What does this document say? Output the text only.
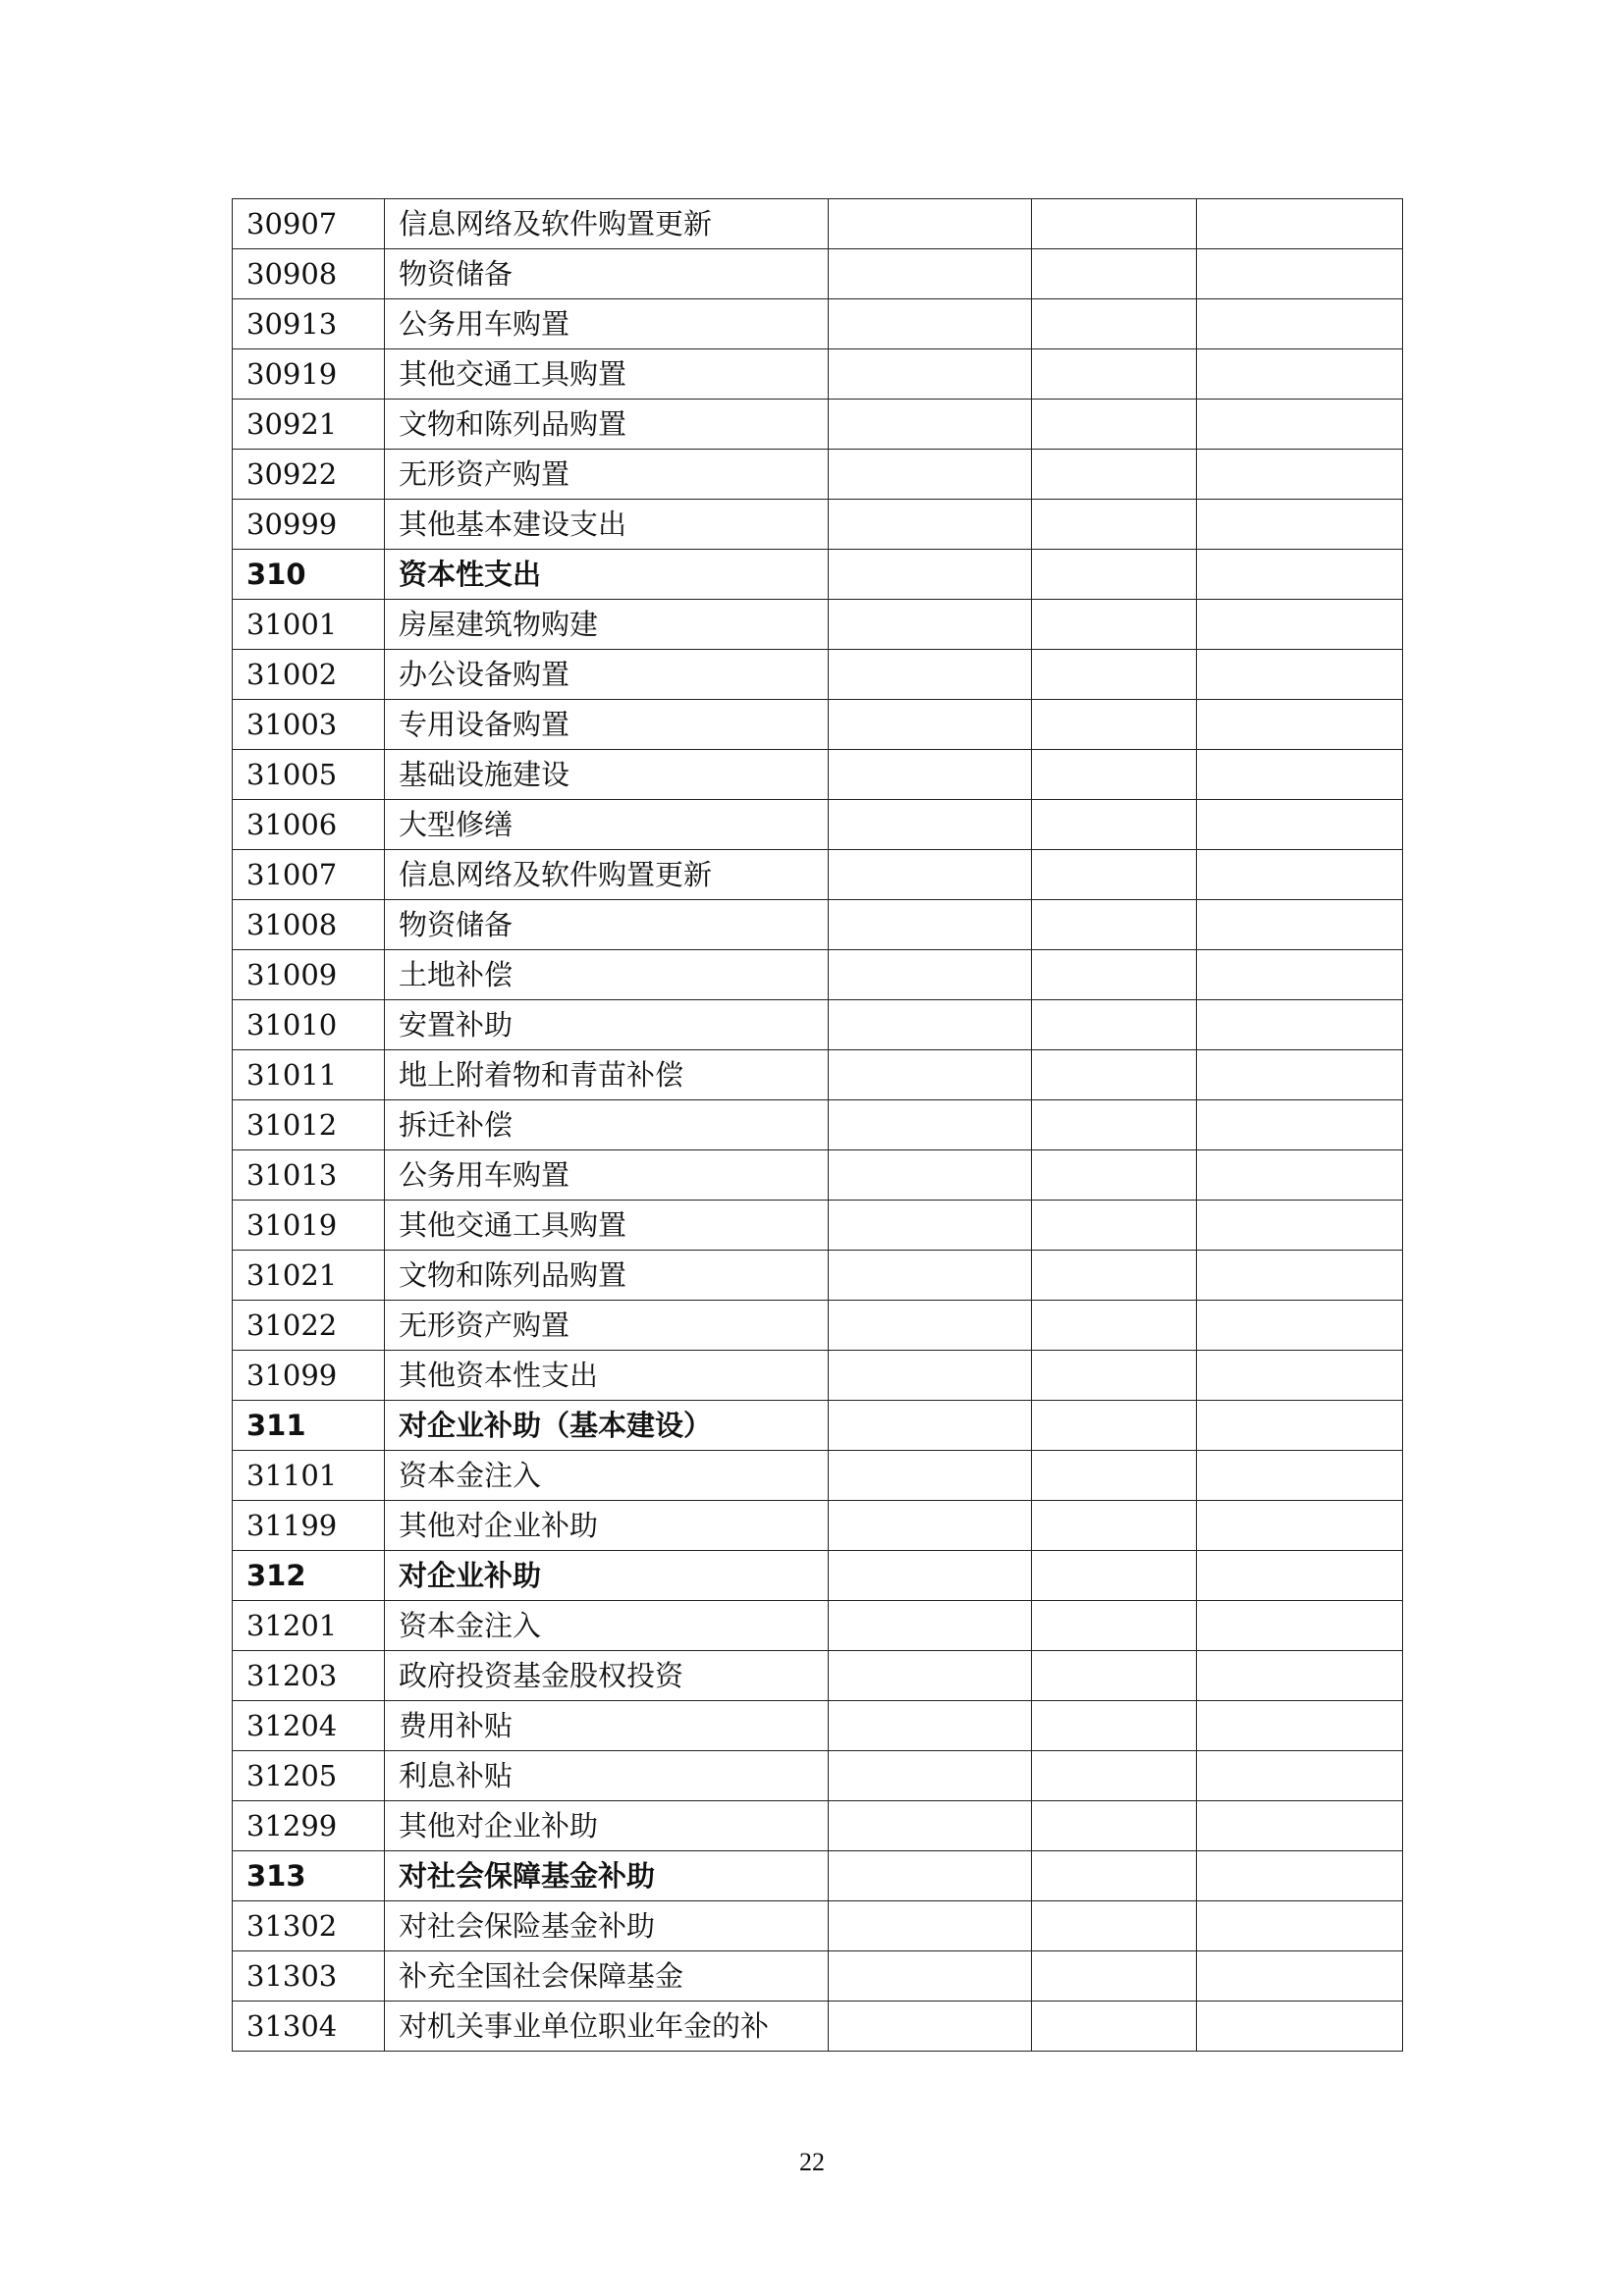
30907	信息网络及软件购置更新			
30908	物资储备			
30913	公务用车购置			
30919	其他交通工具购置			
30921	文物和陈列品购置			
30922	无形资产购置			
30999	其他基本建设支出			
310	资本性支出			
31001	房屋建筑物购建			
31002	办公设备购置			
31003	专用设备购置			
31005	基础设施建设			
31006	大型修缮			
31007	信息网络及软件购置更新			
31008	物资储备			
31009	土地补偿			
31010	安置补助			
31011	地上附着物和青苗补偿			
31012	拆迁补偿			
31013	公务用车购置			
31019	其他交通工具购置			
31021	文物和陈列品购置			
31022	无形资产购置			
31099	其他资本性支出			
311	对企业补助（基本建设）			
31101	资本金注入			
31199	其他对企业补助			
312	对企业补助			
31201	资本金注入			
31203	政府投资基金股权投资			
31204	费用补贴			
31205	利息补贴			
31299	其他对企业补助			
313	对社会保障基金补助			
31302	对社会保险基金补助			
31303	补充全国社会保障基金			
31304	对机关事业单位职业年金的补			
22
